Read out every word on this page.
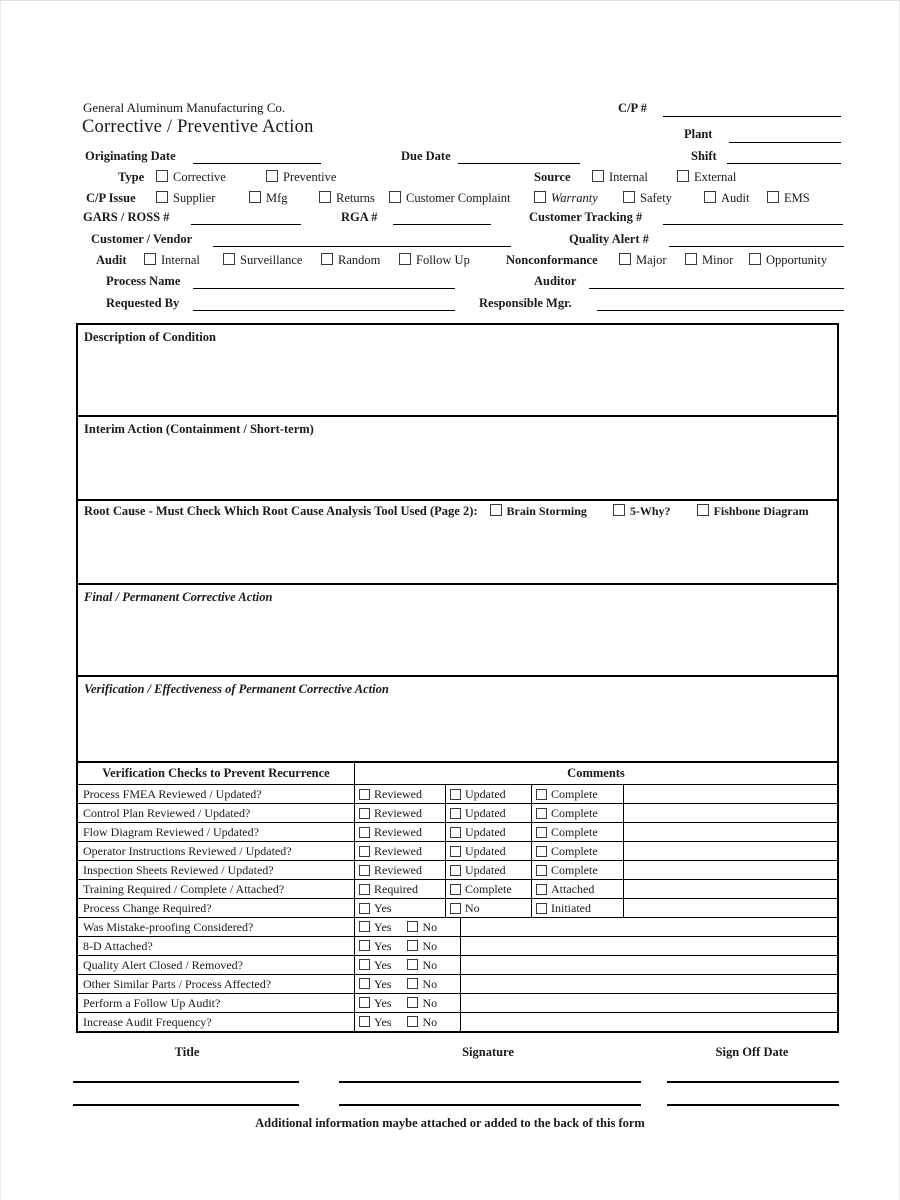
General Aluminum Manufacturing Co.	C/P #
Corrective / Preventive Action	Plant
Originating Date	Due Date	Shift
Type	Corrective	Preventive	Source	Internal	External
C/P Issue	Supplier	Mfg	Returns	Customer Complaint	Warranty	Safety	Audit	EMS
GARS / ROSS #	RGA #	Customer Tracking #
Customer / Vendor	Quality Alert #
Audit	Internal	Surveillance	Random	Follow Up	Nonconformance	Major	Minor	Opportunity
Process Name	Auditor
Requested By	Responsible Mgr.
Description of Condition
Interim Action (Containment / Short-term)
Root Cause - Must Check Which Root Cause Analysis Tool Used (Page 2):	Brain Storming	5-Why?	Fishbone Diagram
Final / Permanent Corrective Action
Verification / Effectiveness of Permanent Corrective Action
Verification Checks to Prevent Recurrence	Comments
Process FMEA Reviewed / Updated?	Reviewed	Updated	Complete
Control Plan Reviewed / Updated?	Reviewed	Updated	Complete
Flow Diagram Reviewed / Updated?	Reviewed	Updated	Complete
Operator Instructions Reviewed / Updated?	Reviewed	Updated	Complete
Inspection Sheets Reviewed / Updated?	Reviewed	Updated	Complete
Training Required / Complete / Attached?	Required	Complete	Attached
Process Change Required?	Yes	No	Initiated
Was Mistake-proofing Considered?	Yes	No
8-D Attached?	Yes	No
Quality Alert Closed / Removed?	Yes	No
Other Similar Parts / Process Affected?	Yes	No
Perform a Follow Up Audit?	Yes	No
Increase Audit Frequency?	Yes	No
Title	Signature	Sign Off Date
Additional information maybe attached or added to the back of this form
